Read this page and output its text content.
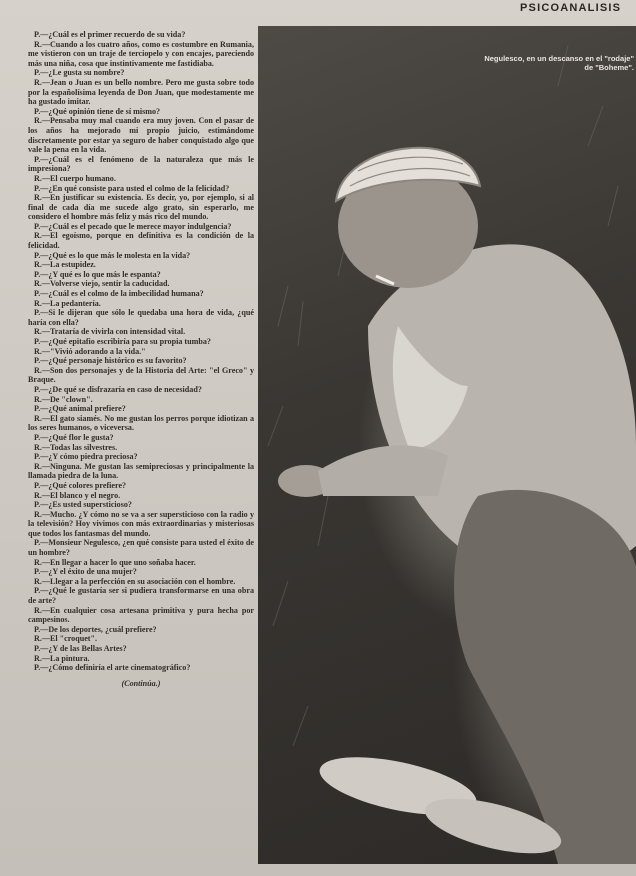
PSICOANALISIS

P.—¿Cuál es el primer recuerdo de su vida?

R.—Cuando a los cuatro años, como es costumbre en Rumania, me vistieron con un traje de terciopelo y con encajes, pareciendo más una niña, cosa que instintivamente me fastidiaba.

P.—¿Le gusta su nombre?

R.—Jean o Juan es un bello nombre. Pero me gusta sobre todo por la españolísima leyenda de Don Juan, que modestamente me ha gustado imitar.

P.—¿Qué opinión tiene de sí mismo?

R.—Pensaba muy mal cuando era muy joven. Con el pasar de los años ha mejorado mi propio juicio, estimándome discretamente por estar ya seguro de haber conquistado algo que vale la pena en la vida.

P.—¿Cuál es el fenómeno de la naturaleza que más le impresiona?

R.—El cuerpo humano.

P.—¿En qué consiste para usted el colmo de la felicidad?

R.—En justificar su existencia. Es decir, yo, por ejemplo, si al final de cada día me sucede algo grato, sin esperarlo, me considero el hombre más feliz y más rico del mundo.

P.—¿Cuál es el pecado que le merece mayor indulgencia?

R.—El egoísmo, porque en definitiva es la condición de la felicidad.

P.—¿Qué es lo que más le molesta en la vida?

R.—La estupidez.

P.—¿Y qué es lo que más le espanta?

R.—Volverse viejo, sentir la caducidad.

P.—¿Cuál es el colmo de la imbecilidad humana?

R.—La pedantería.

P.—Si le dijeran que sólo le quedaba una hora de vida, ¿qué haría con ella?

R.—Trataría de vivirla con intensidad vital.

P.—¿Qué epitafio escribiría para su propia tumba?

R.—"Vivió adorando a la vida."

P.—¿Qué personaje histórico es su favorito?

R.—Son dos personajes y de la Historia del Arte: "el Greco" y Braque.

P.—¿De qué se disfrazaría en caso de necesidad?

R.—De "clown".

P.—¿Qué animal prefiere?

R.—El gato siamés. No me gustan los perros porque idiotizan a los seres humanos, o viceversa.

P.—¿Qué flor le gusta?

R.—Todas las silvestres.

P.—¿Y cómo piedra preciosa?

R.—Ninguna. Me gustan las semipreciosas y principalmente la llamada piedra de la luna.

P.—¿Qué colores prefiere?

R.—El blanco y el negro.

P.—¿Es usted supersticioso?

R.—Mucho. ¿Y cómo no se va a ser supersticioso con la radio y la televisión? Hoy vivimos con más extraordinarias y misteriosas que todos los fantasmas del mundo.

P.—Monsieur Negulesco, ¿en qué consiste para usted el éxito de un hombre?

R.—En llegar a hacer lo que uno soñaba hacer.

P.—¿Y el éxito de una mujer?

R.—Llegar a la perfección en su asociación con el hombre.

P.—¿Qué le gustaría ser si pudiera transformarse en una obra de arte?

R.—En cualquier cosa artesana primitiva y pura hecha por campesinos.

P.—De los deportes, ¿cuál prefiere?

R.—El "croquet".

P.—¿Y de las Bellas Artes?

R.—La pintura.

P.—¿Cómo definiría el arte cinematográfico?

(Continúa.)

Negulesco, en un descanso en el "rodaje" de "Boheme".
